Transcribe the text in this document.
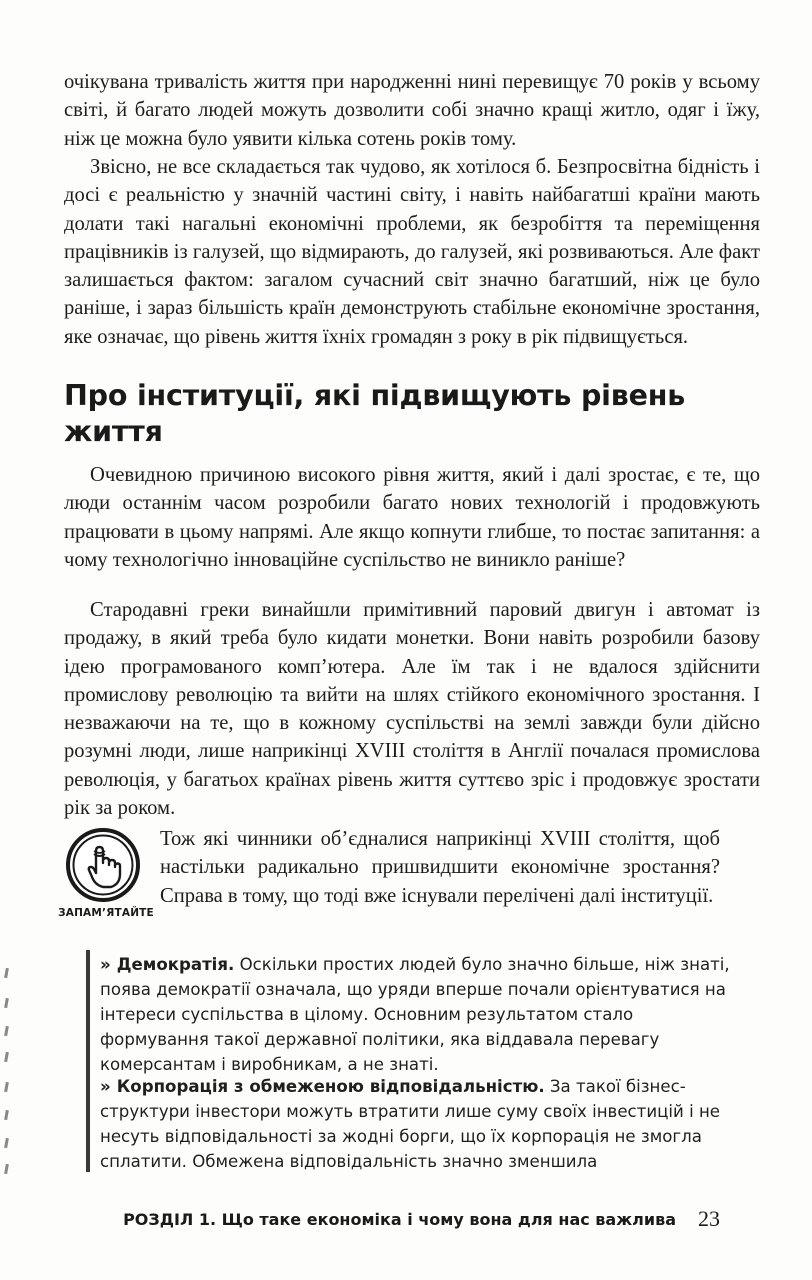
очікувана тривалість життя при народженні нині перевищує 70 років у всьому світі, й багато людей можуть дозволити собі значно кращі житло, одяг і їжу, ніж це можна було уявити кілька сотень років тому.

Звісно, не все складається так чудово, як хотілося б. Безпросвітна бідність і досі є реальністю у значній частині світу, і навіть найбагатші країни мають долати такі нагальні економічні проблеми, як безробіття та переміщення працівників із галузей, що відмирають, до галузей, які розвиваються. Але факт залишається фактом: загалом сучасний світ значно багатший, ніж це було раніше, і зараз більшість країн демонструють стабільне економічне зростання, яке означає, що рівень життя їхніх громадян з року в рік підвищується.

Про інституції, які підвищують рівень життя

Очевидною причиною високого рівня життя, який і далі зростає, є те, що люди останнім часом розробили багато нових технологій і продовжують працювати в цьому напрямі. Але якщо копнути глибше, то постає запитання: а чому технологічно інноваційне суспільство не виникло раніше?

Стародавні греки винайшли примітивний паровий двигун і автомат із продажу, в який треба було кидати монетки. Вони навіть розробили базову ідею програмованого комп’ютера. Але їм так і не вдалося здійснити промислову революцію та вийти на шлях стійкого економічного зростання. І незважаючи на те, що в кожному суспільстві на землі завжди були дійсно розумні люди, лише наприкінці XVIII століття в Англії почалася промислова революція, у багатьох країнах рівень життя суттєво зріс і продовжує зростати рік за роком.

ЗАПАМ’ЯТАЙТЕ

Тож які чинники об’єдналися наприкінці XVIII століття, щоб настільки радикально пришвидшити економічне зростання? Справа в тому, що тоді вже існували перелічені далі інституції.

» Демократія. Оскільки простих людей було значно більше, ніж знаті, поява демократії означала, що уряди вперше почали орієнтуватися на інтереси суспільства в цілому. Основним результатом стало формування такої державної політики, яка віддавала перевагу комерсантам і виробникам, а не знаті.

» Корпорація з обмеженою відповідальністю. За такої бізнес-структури інвестори можуть втратити лише суму своїх інвестицій і не несуть відповідальності за жодні борги, що їх корпорація не змогла сплатити. Обмежена відповідальність значно зменшила

РОЗДІЛ 1. Що таке економіка і чому вона для нас важлива 23
